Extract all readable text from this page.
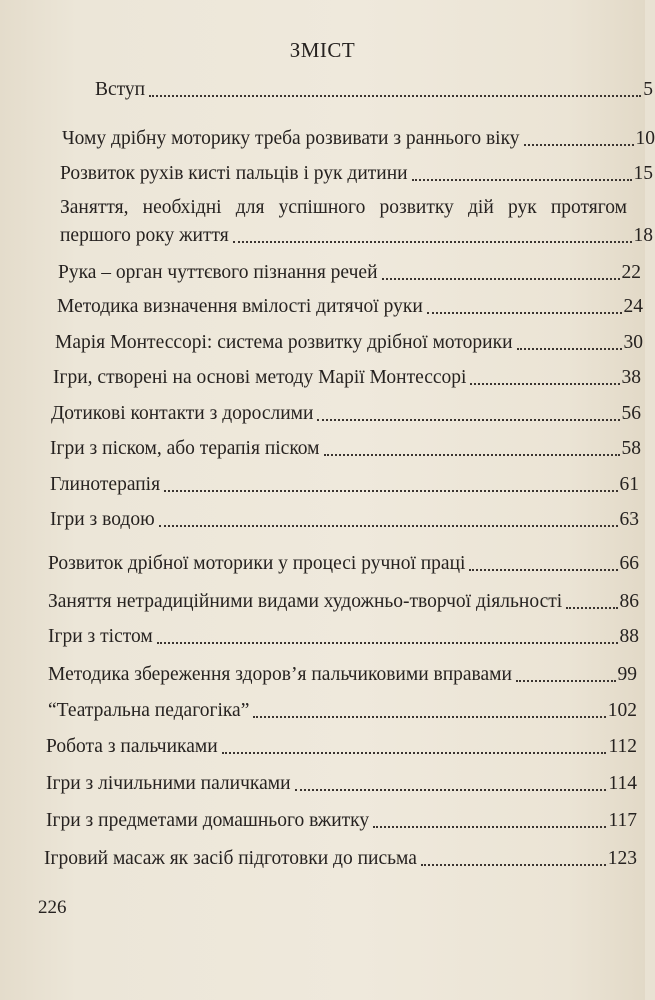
ЗМІСТ
Вступ	5
Чому дрібну моторику треба розвивати з раннього віку	10
Розвиток рухів кисті пальців і рук дитини	15
Заняття, необхідні для успішного розвитку дій рук протягом
першого року життя	18
Рука – орган чуттєвого пізнання речей	22
Методика визначення вмілості дитячої руки	24
Марія Монтессорі: система розвитку дрібної моторики	30
Ігри, створені на основі методу Марії Монтессорі	38
Дотикові контакти з дорослими	56
Ігри з піском, або терапія піском	58
Глинотерапія	61
Ігри з водою	63
Розвиток дрібної моторики у процесі ручної праці	66
Заняття нетрадиційними видами художньо-творчої діяльності	86
Ігри з тістом	88
Методика збереження здоров’я пальчиковими вправами	99
“Театральна педагогіка”	102
Робота з пальчиками	112
Ігри з лічильними паличками	114
Ігри з предметами домашнього вжитку	117
Ігровий масаж як засіб підготовки до письма	123
226
